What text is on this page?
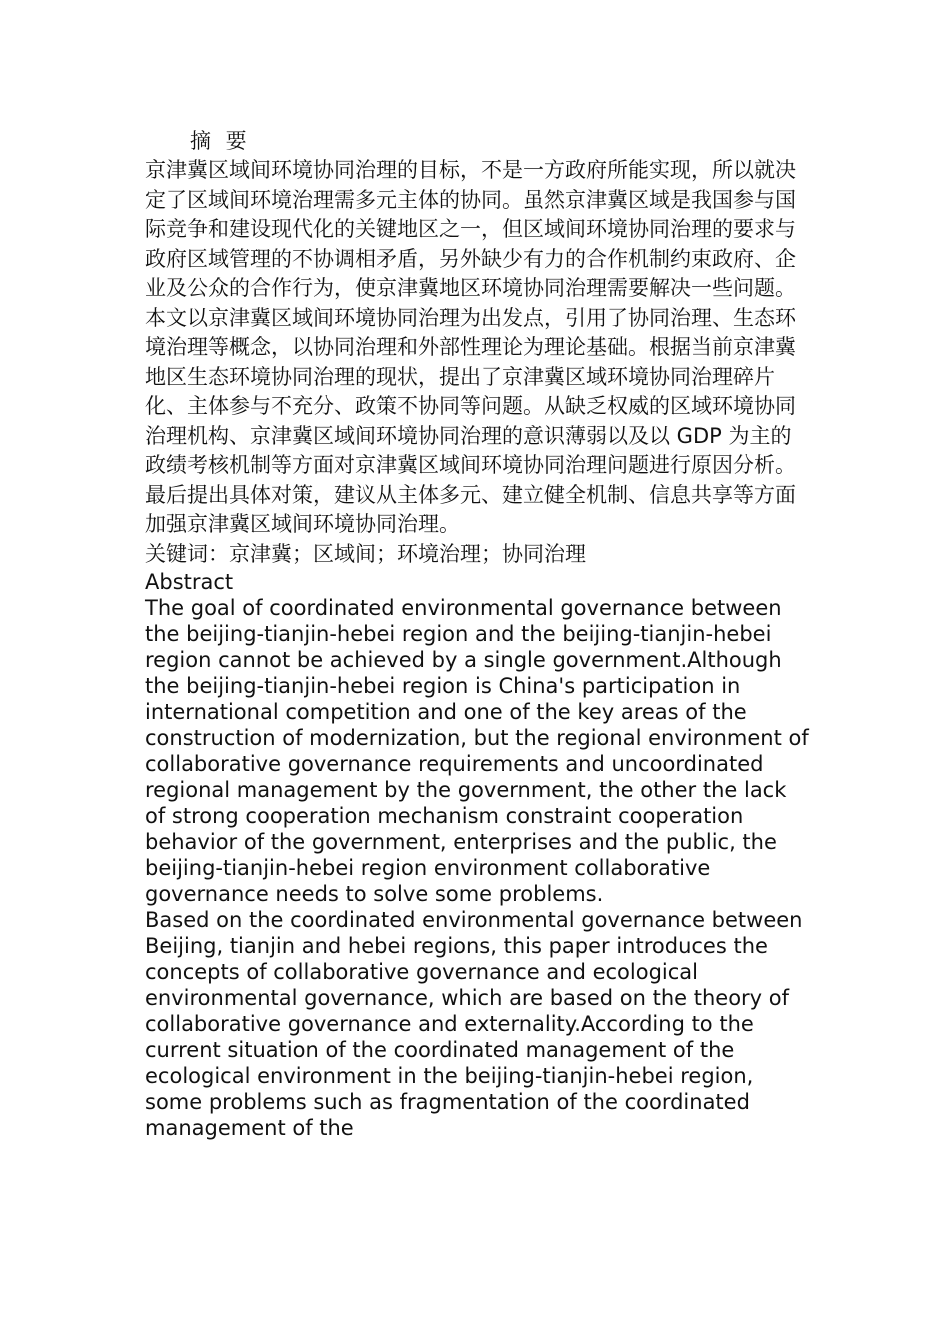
摘 要

京津冀区域间环境协同治理的目标，不是一方政府所能实现，所以就决定了区域间环境治理需多元主体的协同。虽然京津冀区域是我国参与国际竞争和建设现代化的关键地区之一，但区域间环境协同治理的要求与政府区域管理的不协调相矛盾，另外缺少有力的合作机制约束政府、企业及公众的合作行为，使京津冀地区环境协同治理需要解决一些问题。

本文以京津冀区域间环境协同治理为出发点，引用了协同治理、生态环境治理等概念，以协同治理和外部性理论为理论基础。根据当前京津冀地区生态环境协同治理的现状，提出了京津冀区域环境协同治理碎片化、主体参与不充分、政策不协同等问题。从缺乏权威的区域环境协同治理机构、京津冀区域间环境协同治理的意识薄弱以及以 GDP 为主的政绩考核机制等方面对京津冀区域间环境协同治理问题进行原因分析。最后提出具体对策，建议从主体多元、建立健全机制、信息共享等方面加强京津冀区域间环境协同治理。

关键词：京津冀；区域间；环境治理；协同治理

Abstract

The goal of coordinated environmental governance between the beijing-tianjin-hebei region and the beijing-tianjin-hebei region cannot be achieved by a single government.Although the beijing-tianjin-hebei region is China's participation in international competition and one of the key areas of the construction of modernization, but the regional environment of collaborative governance requirements and uncoordinated regional management by the government, the other the lack of strong cooperation mechanism constraint cooperation behavior of the government, enterprises and the public, the beijing-tianjin-hebei region environment collaborative governance needs to solve some problems.

Based on the coordinated environmental governance between Beijing, tianjin and hebei regions, this paper introduces the concepts of collaborative governance and ecological environmental governance, which are based on the theory of collaborative governance and externality.According to the current situation of the coordinated management of the ecological environment in the beijing-tianjin-hebei region, some problems such as fragmentation of the coordinated management of the
